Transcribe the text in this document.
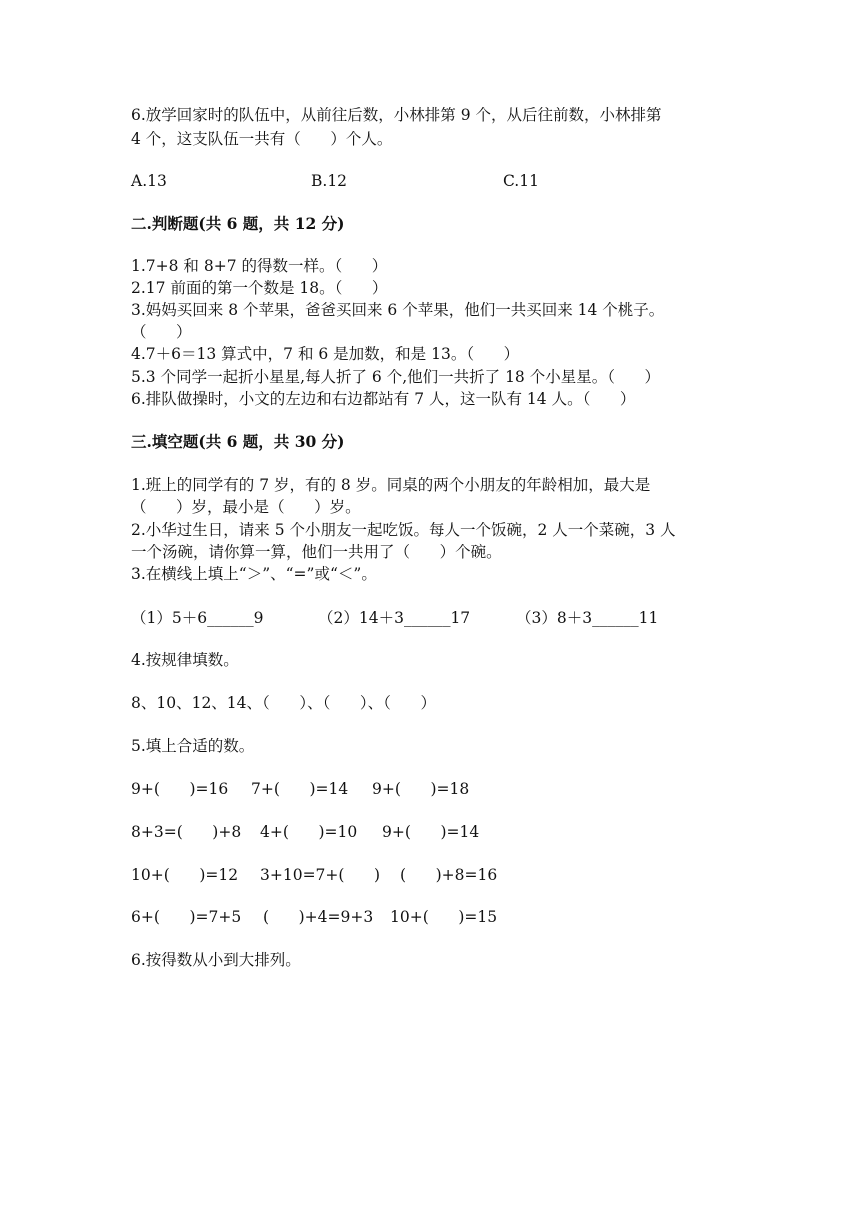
6.放学回家时的队伍中，从前往后数，小林排第 9 个，从后往前数，小林排第
4 个，这支队伍一共有（      ）个人。
A.13	B.12	C.11
二.判断题(共 6 题，共 12 分)
1.7+8 和 8+7 的得数一样。（      ）
2.17 前面的第一个数是 18。（      ）
3.妈妈买回来 8 个苹果，爸爸买回来 6 个苹果，他们一共买回来 14 个桃子。
（      ）
4.7＋6＝13 算式中，7 和 6 是加数，和是 13。（      ）
5.3 个同学一起折小星星,每人折了 6 个,他们一共折了 18 个小星星。（      ）
6.排队做操时，小文的左边和右边都站有 7 人，这一队有 14 人。（      ）
三.填空题(共 6 题，共 30 分)
1.班上的同学有的 7 岁，有的 8 岁。同桌的两个小朋友的年龄相加，最大是
（      ）岁，最小是（      ）岁。
2.小华过生日，请来 5 个小朋友一起吃饭。每人一个饭碗，2 人一个菜碗，3 人
一个汤碗，请你算一算，他们一共用了（      ）个碗。
3.在横线上填上“＞”、“=”或“＜”。
（1）5＋6______9	（2）14＋3______17	（3）8＋3______11
4.按规律填数。
8、10、12、14、（      ）、（      ）、（      ）
5.填上合适的数。
9+(      )=16 7+(      )=14 9+(      )=18
8+3=(      )+8 4+(      )=10 9+(      )=14
10+(      )=12 3+10=7+(      ) (      )+8=16
6+(      )=7+5 (      )+4=9+3 10+(      )=15
6.按得数从小到大排列。
